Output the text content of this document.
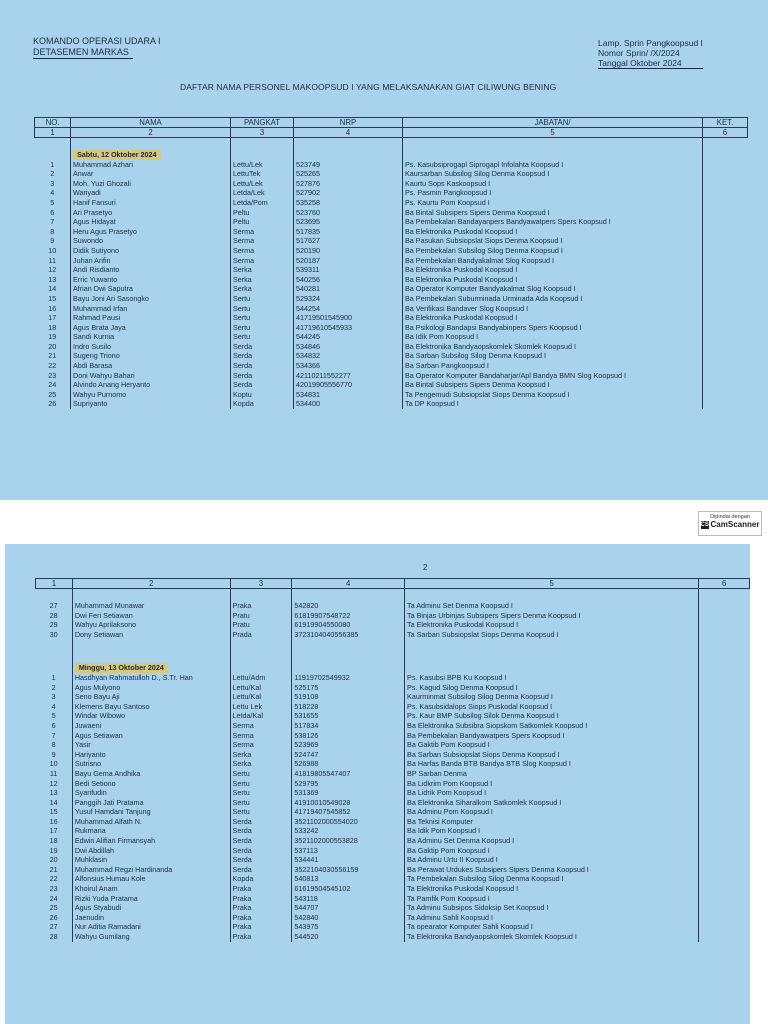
KOMANDO OPERASI UDARA I
DETASEMEN MARKAS
Lamp. Sprin Pangkoopsud I
Nomor Sprin/ /X/2024
Tanggal Oktober 2024
DAFTAR NAMA PERSONEL MAKOOPSUD I YANG MELAKSANAKAN GIAT CILIWUNG BENING
NO.	NAMA	PANGKAT	NRP	JABATAN/	KET.
1	2	3	4	5	6

	Sabtu, 12 Oktober 2024				
1	Muhammad Azhari	Lettu/Lek	523749	Ps. Kasubsiprogapl Siprogapl Infolahta Koopsud I	
2	Anwar	LettuTek	525265	Kaursarban Subsilog Silog Denma Koopsud I	
3	Moh. Yuzi Ghozali	Lettu/Lek	527876	Kaurtu Sops Kaskoopsud I	
4	Wariyadi	Letda/Lek	527902	Ps. Pasmin Pangkoopsud I	
5	Hanif Fansuri	Letda/Pom	535258	Ps. Kaurtu Pom Koopsud I	
6	Ari Prasetyo	Peltu	523760	Ba Bintal Subsipers Sipers Denma Koopsud I	
7	Agus Hidayat	Peltu	523695	Ba Pembekalan Bandayanpers Bandyawatpers Spers Koopsud I	
8	Heru Agus Prasetyo	Serma	517835	Ba Elektronika Puskodal Koopsud I	
9	Suwondo	Serma	517627	Ba Pasukan Subsiopslat Siops Denma Koopsud I	
10	Didik Sutiyono	Serma	520190	Ba Pembekalan Subsilog Silog Denma Koopsud I	
11	Juhan Arifin	Serma	520187	Ba Pembekalan Bandyakalmat Slog Koopsud I	
12	Andi Risdianto	Serka	539311	Ba Elektronika Puskodal Koopsud I	
13	Erric Yuwanto	Serka	540256	Ba Elektronika Puskodal Koopsud I	
14	Afrian Dwi Saputra	Serka	540281	Ba Operator Komputer Bandyakalmat Slog Koopsud I	
15	Bayu Joni Ari Sasongko	Sertu	529324	Ba Pembekalan Suburminada Urminada Ada Koopsud I	
16	Muhammad Irfan	Sertu	544254	Ba Verifikasi Bandaver Slog Koopsud I	
17	Rahmad Pausi	Sertu	41719501545900	Ba Elektronika Puskodal Koopsud I	
18	Agus Brata Jaya	Sertu	41719610545933	Ba Psikologi Bandapsi Bandyabinpers Spers Koopsud I	
19	Sandi Kurnia	Sertu	544245	Ba Idik Pom Koopsud I	
20	Indro Susilo	Serda	534846	Ba Elektronika Bandyaopskomlek Skomlek Koopsud I	
21	Sugeng Triono	Serda	534832	Ba Sarban Subsilog Silog Denma Koopsud I	
22	Abdi Barasa	Serda	534366	Ba Sarban Pangkoopsud I	
23	Doni Wahyu Bahari	Serda	42110211552277	Ba Operator Komputer Bandaharjar/Apl Bandya BMN Slog Koopsud I	
24	Alvindo Anang Heryanto	Serda	42019905556770	Ba Bintal Subsipers Sipers Denma Koopsud I	
25	Wahyu Purnomo	Koptu	534831	Ta Pengemudi Subsiopslat Siops Denma Koopsud I	
26	Supriyanto	Kopda	534400	Ta DP Koopsud I	
Dipindai dengan
CS CamScanner
2
1	2	3	4	5	6

27	Muhammad Munawar	Praka	542820	Ta Adminu Set Denma Koopsud I	
28	Dwi Feri Setiawan	Pratu	61819907548722	Ta Binjas Urbinjas Subsipers Sipers Denma Koopsud I	
29	Wahyu Aprilaksono	Pratu	61919904550080	Ta Elektronika Puskodal Koopsud I	
30	Dony Setiawan	Prada	3723104040556385	Ta Sarban Subsiopslat Siops Denma Koopsud I	

	Minggu, 13 Oktober 2024				
1	Hasdhyan Rahmatulloh D., S.Tr. Han	Lettu/Adm	11919702549932	Ps. Kasubsi BPB Ku Koopsud I	
2	Agus Mulyono	Lettu/Kal	525175	Ps. Kagud Silog Denma Koopsud I	
3	Seno Bayu Aji	Lettu/Kal	519108	Kaurminmat Subsilog Silog Denma Koopsud I	
4	Klemens Bayu Santoso	Lettu Lek	518228	Ps. Kasubsidalops Siops Puskodal Koopsud I	
5	Windar Wibowo	Letda/Kal	531655	Ps. Kaur BMP Subsilog Silok Denma Koopsud I	
6	Juwaeni	Serma	517834	Ba Elektronika Subsibra Siopskom Satkomlek Koopsud I	
7	Agus Setiawan	Serma	538126	Ba Pembekalan Bandyawatpers Spers Koopsud I	
8	Yasir	Serma	523969	Ba Gaktib Pom Koopsud I	
9	Hariyanto	Serka	524747	Ba Sarban Subsiopslat Siops Denma Koopsud I	
10	Sutrisno	Serka	526988	Ba Harfas Banda BTB Bandya BTB Slog Koopsud I	
11	Bayu Gema Andhika	Sertu	41819805547407	BP Sarban Denma	
12	Bedi Setiono	Sertu	529795	Ba Lidkrim Pom Koopsud I	
13	Syarifudin	Sertu	531369	Ba Lidrik Pom Koopsud I	
14	Panggih Jati Pratama	Sertu	41910010549028	Ba Elektronika Siharalkom Satkomlek Koopsud I	
15	Yusuf Hamdani Tanjung	Sertu	41719407545852	Ba Adminu Pom Koopsud I	
16	Muhammad Alfath N.	Serda	3521102000554020	Ba Teknisi Komputer	
17	Rukmana	Serda	533242	Ba Idik Pom Koopsud I	
18	Edwin Alifian Firmansyah	Serda	3521102000553828	Ba Adminu Set Denma Koopsud I	
19	Dwi Abdillah	Serda	537113	Ba Gaktip Pom Koopsud I	
20	Muhklasin	Serda	534441	Ba Adminu Urtu II Koopsud I	
21	Muhammad Regzi Hardinanda	Serda	3522104030556159	Ba Perawat Urdukes Subsipers Sipers Denma Koopsud I	
22	Alfonsius Humau Kole	Kopda	540813	Ta Pembekalan Subsilog Silog Denma Koopsud I	
23	Khoirul Anam	Praka	61619504545102	Ta Elektronika Puskodal Koopsud I	
24	Rizki Yuda Pratama	Praka	543118	Ta Pamfik Pom Koopsud I	
25	Agus Styabudi	Praka	544707	Ta Adminu Subsipos Sidoksip Set Koopsud I	
26	Jaenudin	Praka	542840	Ta Adminu Sahli Koopsud I	
27	Nur Aditia Ramadani	Praka	543975	Ta opearator Komputer Sahli Koopsud I	
28	Wahyu Gumilang	Praka	544520	Ta Elektronika Bandyaopskomlek Skomlek Koopsud I	
